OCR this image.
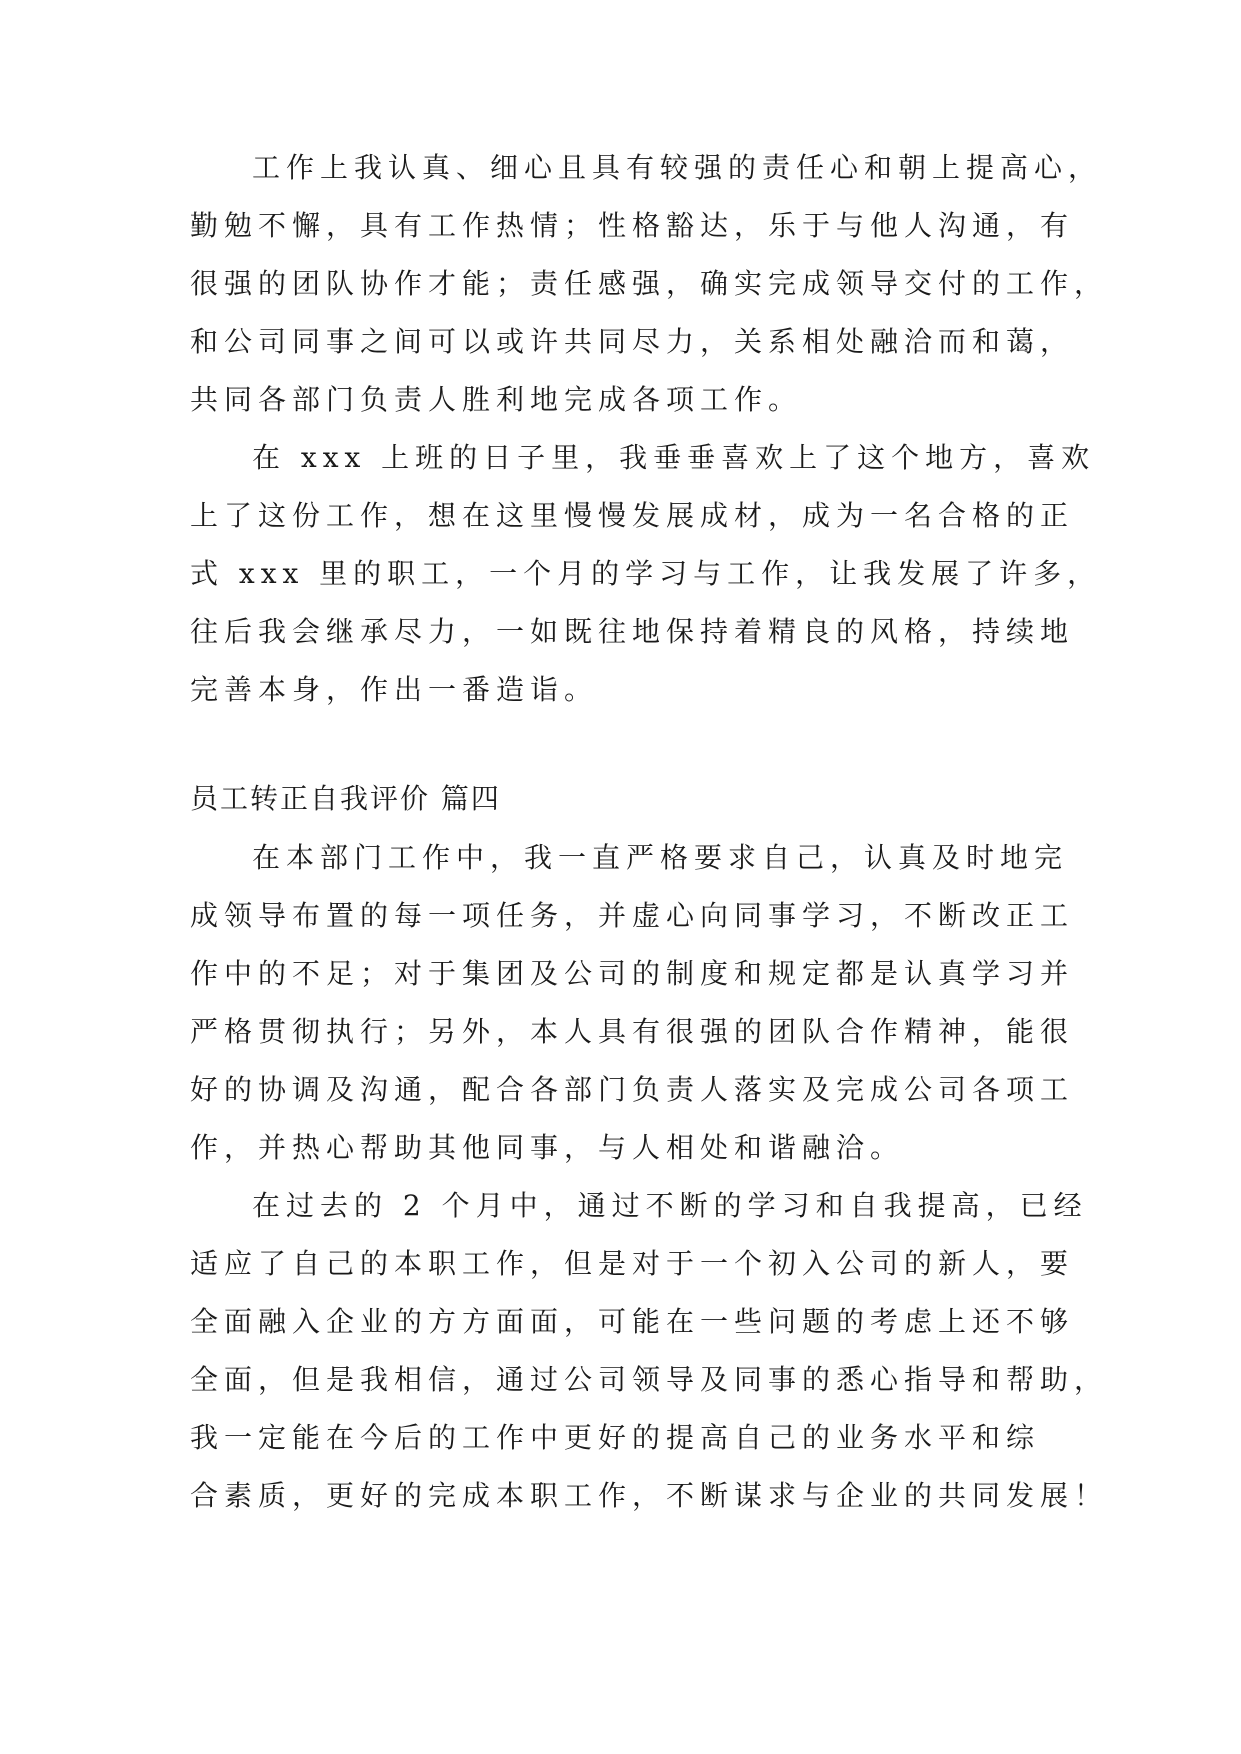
工作上我认真、细心且具有较强的责任心和朝上提高心，
勤勉不懈，具有工作热情；性格豁达，乐于与他人沟通，有
很强的团队协作才能；责任感强，确实完成领导交付的工作，
和公司同事之间可以或许共同尽力，关系相处融洽而和蔼，
共同各部门负责人胜利地完成各项工作。
在 xxx 上班的日子里，我垂垂喜欢上了这个地方，喜欢
上了这份工作，想在这里慢慢发展成材，成为一名合格的正
式 xxx 里的职工，一个月的学习与工作，让我发展了许多，
往后我会继承尽力，一如既往地保持着精良的风格，持续地
完善本身，作出一番造诣。
员工转正自我评价 篇四
在本部门工作中，我一直严格要求自己，认真及时地完
成领导布置的每一项任务，并虚心向同事学习，不断改正工
作中的不足；对于集团及公司的制度和规定都是认真学习并
严格贯彻执行；另外，本人具有很强的团队合作精神，能很
好的协调及沟通，配合各部门负责人落实及完成公司各项工
作，并热心帮助其他同事，与人相处和谐融洽。
在过去的 2 个月中，通过不断的学习和自我提高，已经
适应了自己的本职工作，但是对于一个初入公司的新人，要
全面融入企业的方方面面，可能在一些问题的考虑上还不够
全面，但是我相信，通过公司领导及同事的悉心指导和帮助，
我一定能在今后的工作中更好的提高自己的业务水平和综
合素质，更好的完成本职工作，不断谋求与企业的共同发展！
